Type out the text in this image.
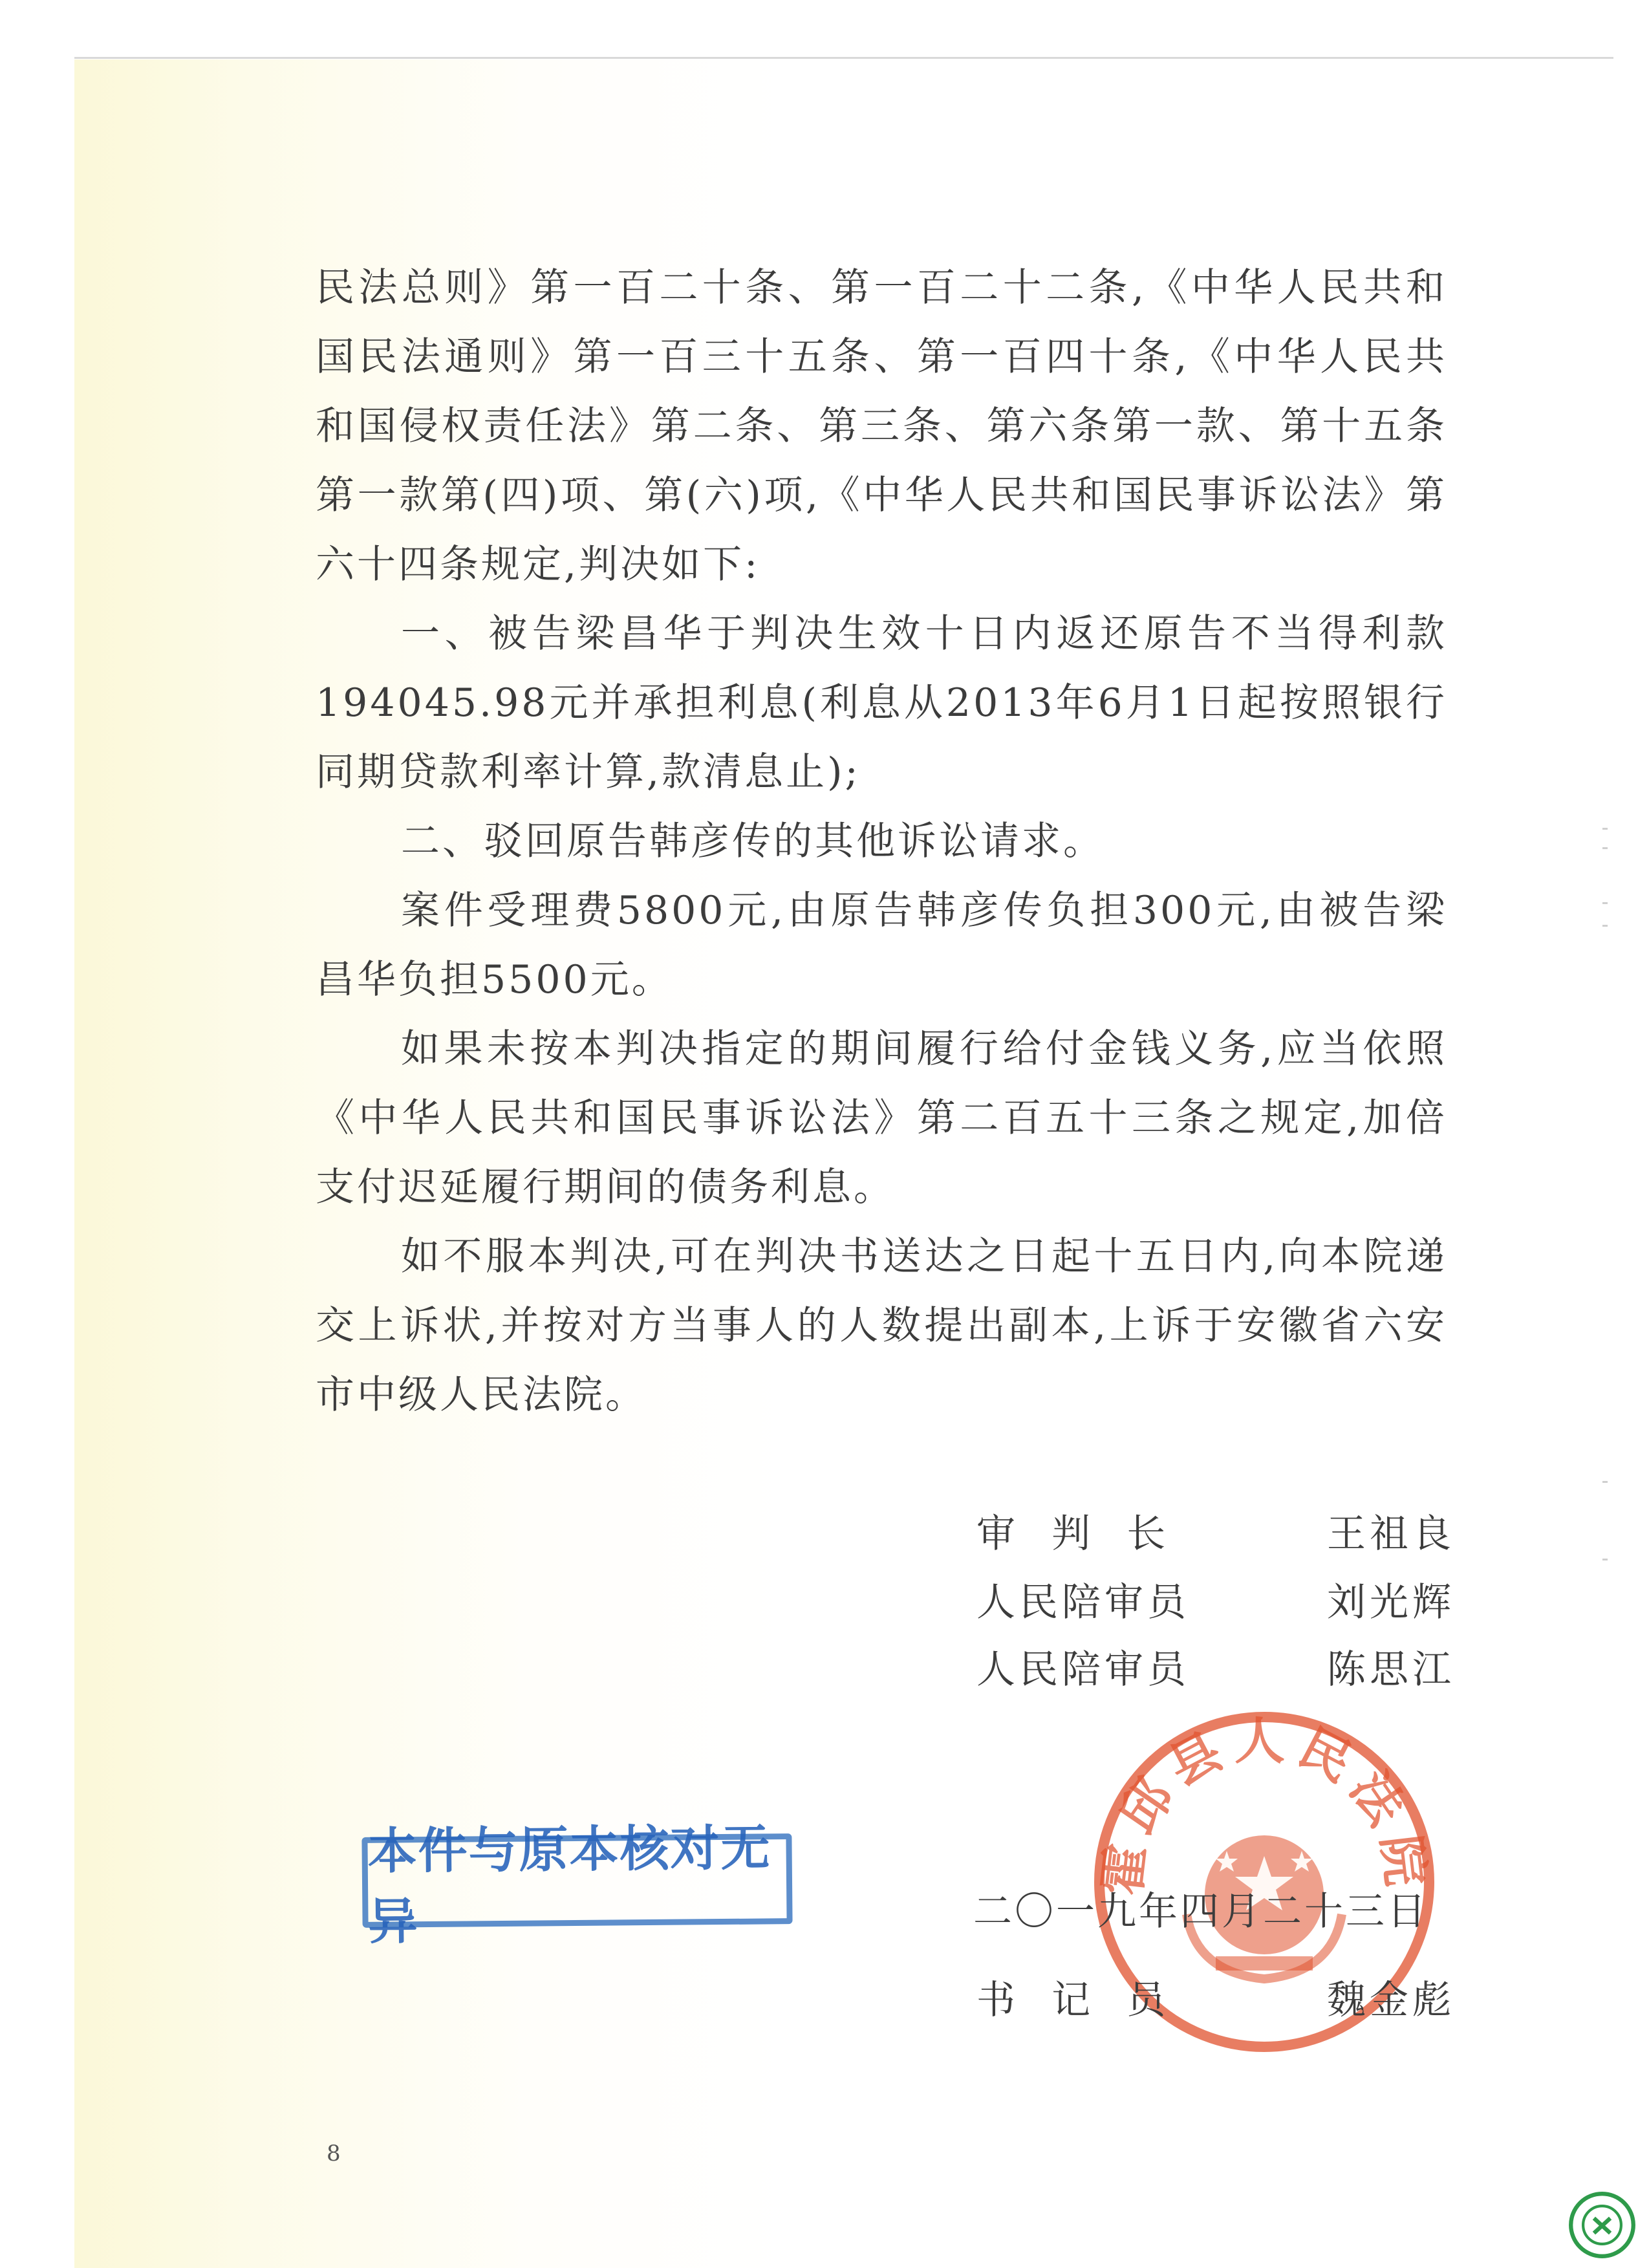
民法总则》第一百二十条、第一百二十二条,《中华人民共和国民法通则》第一百三十五条、第一百四十条,《中华人民共和国侵权责任法》第二条、第三条、第六条第一款、第十五条第一款第(四)项、第(六)项,《中华人民共和国民事诉讼法》第六十四条规定,判决如下:

一、被告梁昌华于判决生效十日内返还原告不当得利款194045.98元并承担利息(利息从2013年6月1日起按照银行同期贷款利率计算,款清息止);

二、驳回原告韩彦传的其他诉讼请求。

案件受理费5800元,由原告韩彦传负担300元,由被告梁昌华负担5500元。

如果未按本判决指定的期间履行给付金钱义务,应当依照《中华人民共和国民事诉讼法》第二百五十三条之规定,加倍支付迟延履行期间的债务利息。

如不服本判决,可在判决书送达之日起十五日内,向本院递交上诉状,并按对方当事人的人数提出副本,上诉于安徽省六安市中级人民法院。

审  判  长	王祖良
人民陪审员	刘光辉
人民陪审员	陈思江
霍邱县人民法院
二〇一九年四月二十三日
本件与原本核对无异
书  记  员	魏金彪
8
